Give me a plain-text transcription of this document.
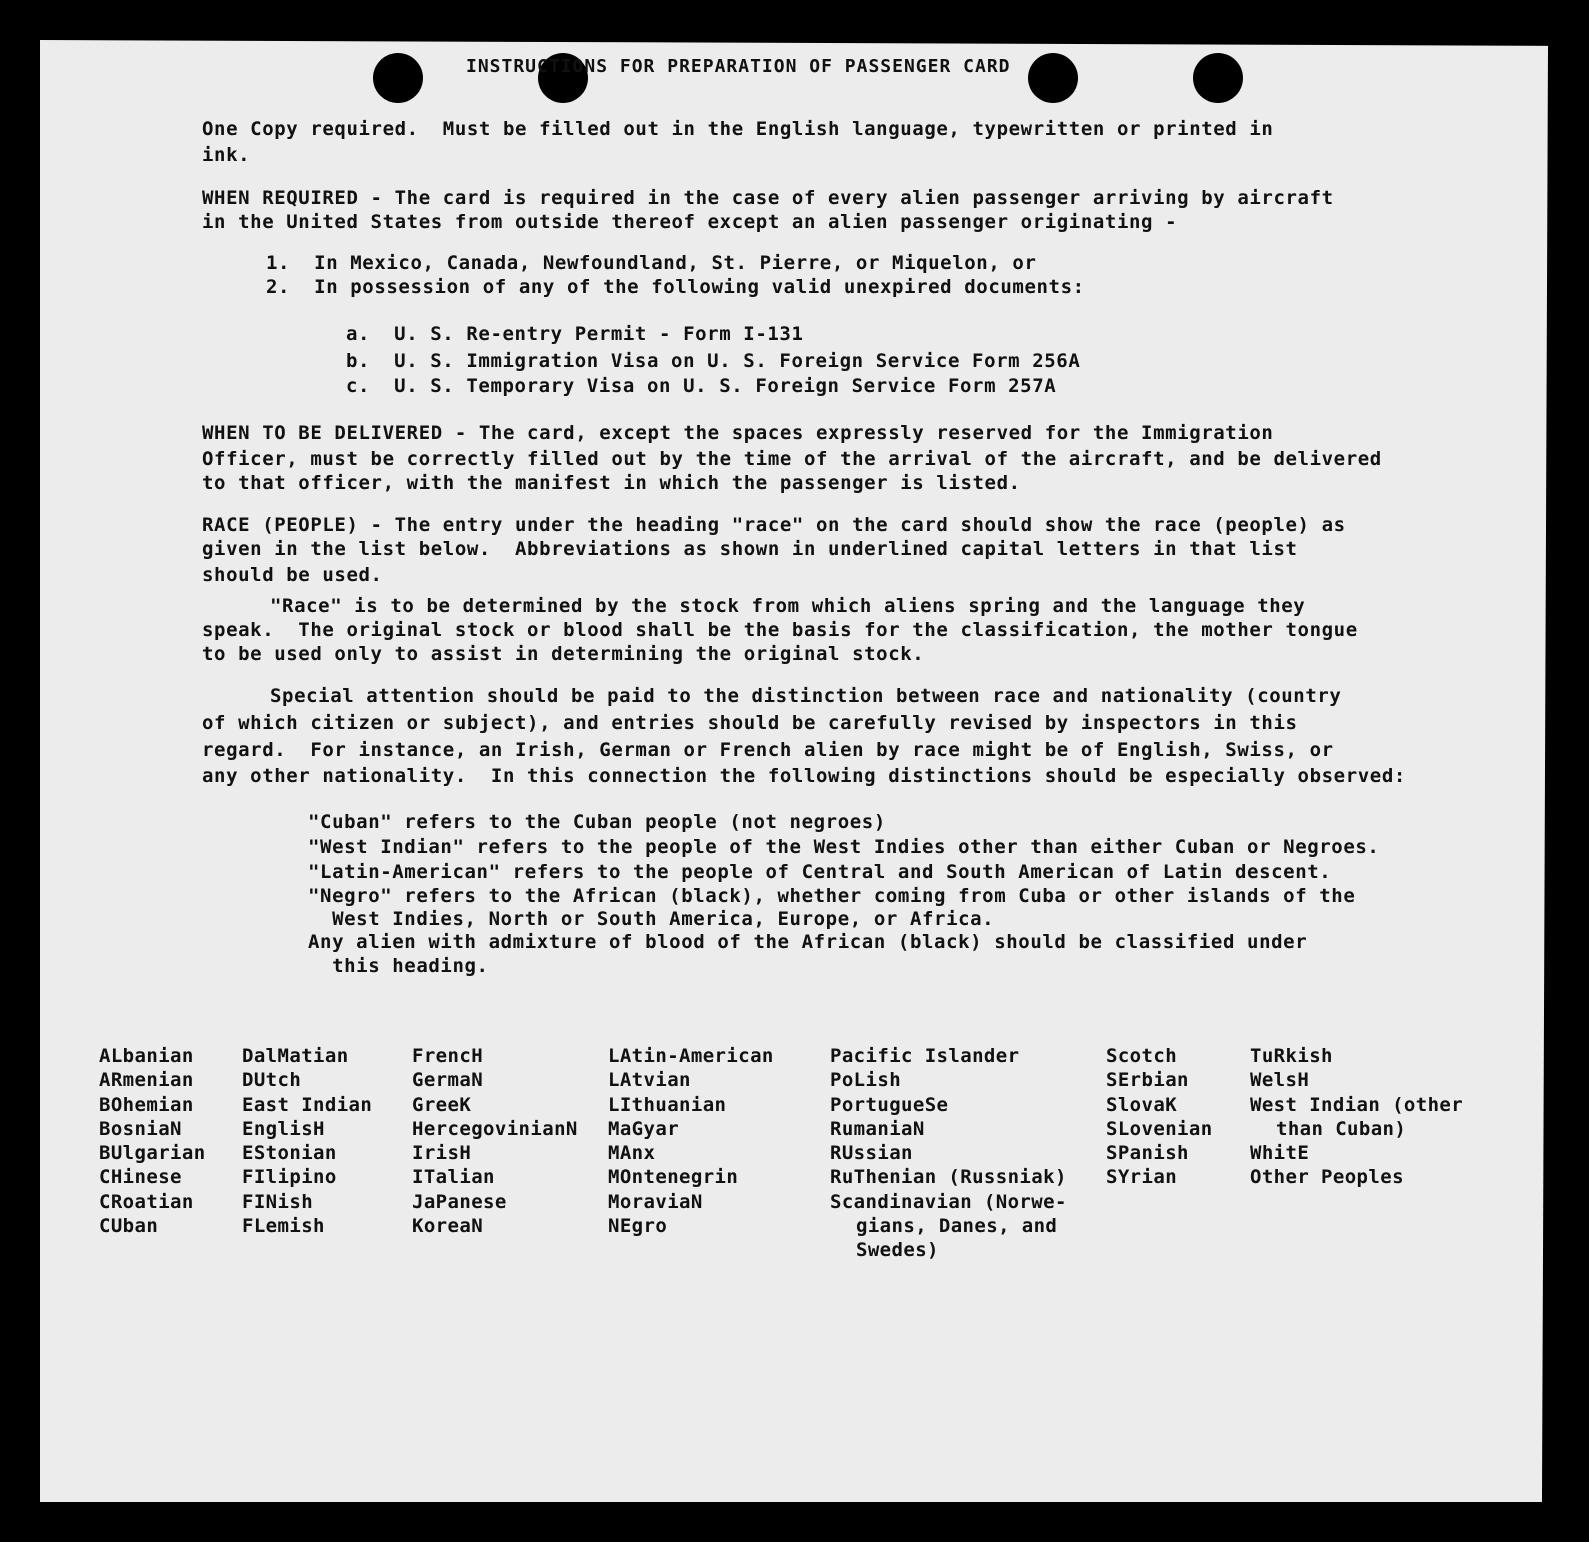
INSTRUCTIONS FOR PREPARATION OF PASSENGER CARD
One Copy required.  Must be filled out in the English language, typewritten or printed in
ink.
WHEN REQUIRED - The card is required in the case of every alien passenger arriving by aircraft
in the United States from outside thereof except an alien passenger originating -
1.  In Mexico, Canada, Newfoundland, St. Pierre, or Miquelon, or
2.  In possession of any of the following valid unexpired documents:
a.  U. S. Re-entry Permit - Form I-131
b.  U. S. Immigration Visa on U. S. Foreign Service Form 256A
c.  U. S. Temporary Visa on U. S. Foreign Service Form 257A
WHEN TO BE DELIVERED - The card, except the spaces expressly reserved for the Immigration
Officer, must be correctly filled out by the time of the arrival of the aircraft, and be delivered
to that officer, with the manifest in which the passenger is listed.
RACE (PEOPLE) - The entry under the heading "race" on the card should show the race (people) as
given in the list below.  Abbreviations as shown in underlined capital letters in that list
should be used.
"Race" is to be determined by the stock from which aliens spring and the language they
speak.  The original stock or blood shall be the basis for the classification, the mother tongue
to be used only to assist in determining the original stock.
Special attention should be paid to the distinction between race and nationality (country
of which citizen or subject), and entries should be carefully revised by inspectors in this
regard.  For instance, an Irish, German or French alien by race might be of English, Swiss, or
any other nationality.  In this connection the following distinctions should be especially observed:
"Cuban" refers to the Cuban people (not negroes)
"West Indian" refers to the people of the West Indies other than either Cuban or Negroes.
"Latin-American" refers to the people of Central and South American of Latin descent.
"Negro" refers to the African (black), whether coming from Cuba or other islands of the
West Indies, North or South America, Europe, or Africa.
Any alien with admixture of blood of the African (black) should be classified under
this heading.
ALbanian
ARmenian
BOhemian
BosniaN
BUlgarian
CHinese
CRoatian
CUban
DalMatian
DUtch
East Indian
EnglisH
EStonian
FIlipino
FINish
FLemish
FrencH
GermaN
GreeK
HercegovinianN
IrisH
ITalian
JaPanese
KoreaN
LAtin-American
LAtvian
LIthuanian
MaGyar
MAnx
MOntenegrin
MoraviaN
NEgro
Pacific Islander
PoLish
PortugueSe
RumaniaN
RUssian
RuThenian (Russniak)
Scandinavian (Norwe-
gians, Danes, and
Swedes)
Scotch
SErbian
SlovaK
SLovenian
SPanish
SYrian
TuRkish
WelsH
West Indian (other
than Cuban)
WhitE
Other Peoples
